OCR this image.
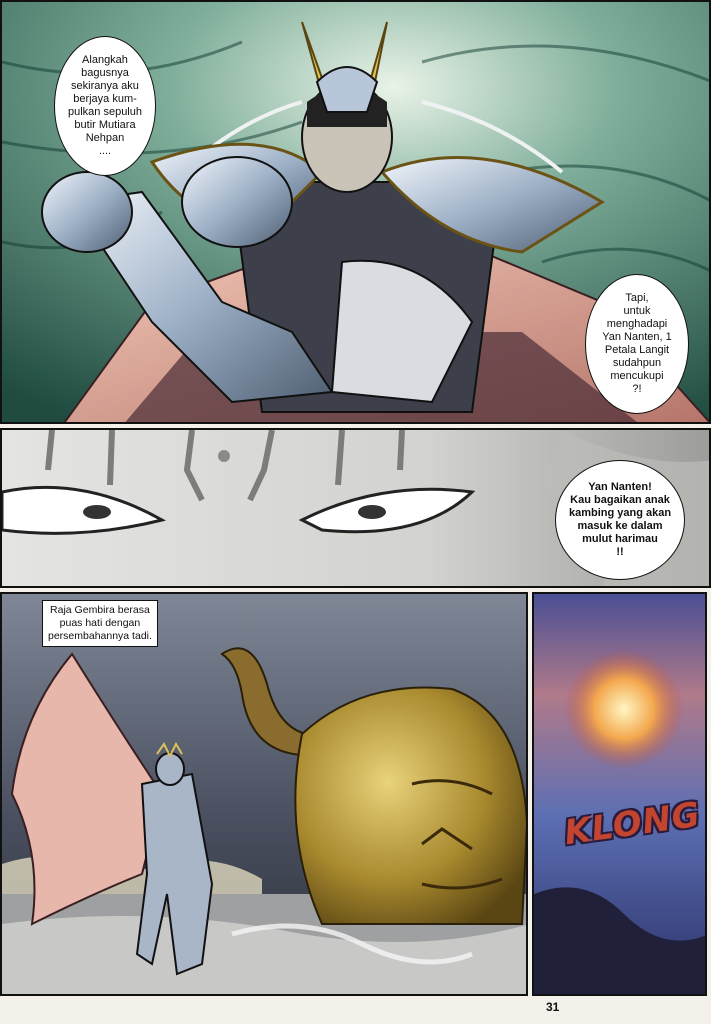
Alangkah
bagusnya
sekiranya aku
berjaya kum-
pulkan sepuluh
butir Mutiara
Nehpan
....
Tapi,
untuk
menghadapi
Yan Nanten, 1
Petala Langit
sudahpun
mencukupi
?!
Yan Nanten!
Kau bagaikan anak
kambing yang akan
masuk ke dalam
mulut harimau
!!
Raja Gembira berasa
puas hati dengan
persembahannya tadi.
KLONG
31
